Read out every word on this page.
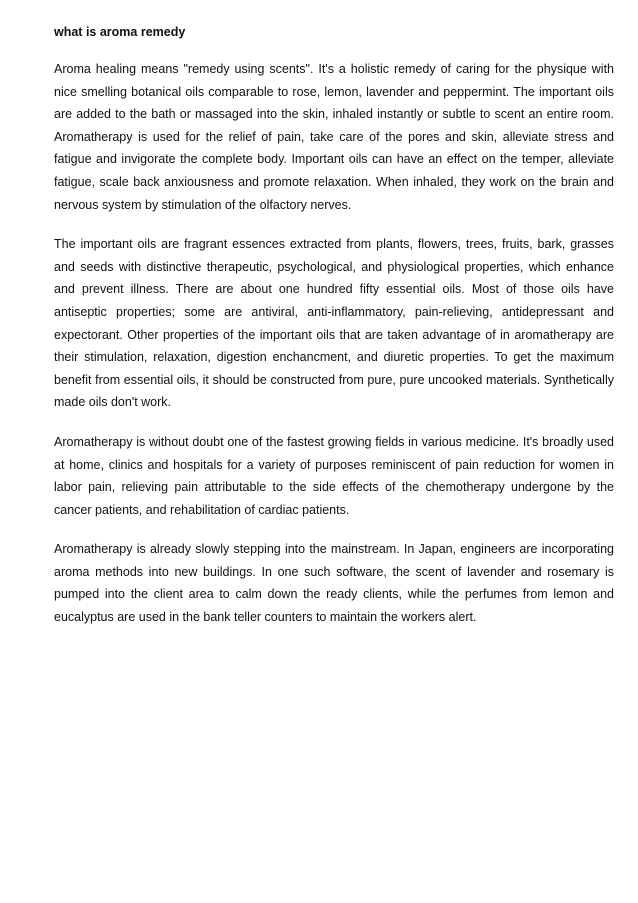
what is aroma remedy

Aroma healing means "remedy using scents". It's a holistic remedy of caring for the physique with nice smelling botanical oils comparable to rose, lemon, lavender and peppermint. The important oils are added to the bath or massaged into the skin, inhaled instantly or subtle to scent an entire room. Aromatherapy is used for the relief of pain, take care of the pores and skin, alleviate stress and fatigue and invigorate the complete body. Important oils can have an effect on the temper, alleviate fatigue, scale back anxiousness and promote relaxation. When inhaled, they work on the brain and nervous system by stimulation of the olfactory nerves.

The important oils are fragrant essences extracted from plants, flowers, trees, fruits, bark, grasses and seeds with distinctive therapeutic, psychological, and physiological properties, which enhance and prevent illness. There are about one hundred fifty essential oils. Most of those oils have antiseptic properties; some are antiviral, anti-inflammatory, pain-relieving, antidepressant and expectorant. Other properties of the important oils that are taken advantage of in aromatherapy are their stimulation, relaxation, digestion enchancment, and diuretic properties. To get the maximum benefit from essential oils, it should be constructed from pure, pure uncooked materials. Synthetically made oils don't work.

Aromatherapy is without doubt one of the fastest growing fields in various medicine. It's broadly used at home, clinics and hospitals for a variety of purposes reminiscent of pain reduction for women in labor pain, relieving pain attributable to the side effects of the chemotherapy undergone by the cancer patients, and rehabilitation of cardiac patients.

Aromatherapy is already slowly stepping into the mainstream. In Japan, engineers are incorporating aroma methods into new buildings. In one such software, the scent of lavender and rosemary is pumped into the client area to calm down the ready clients, while the perfumes from lemon and eucalyptus are used in the bank teller counters to maintain the workers alert.
